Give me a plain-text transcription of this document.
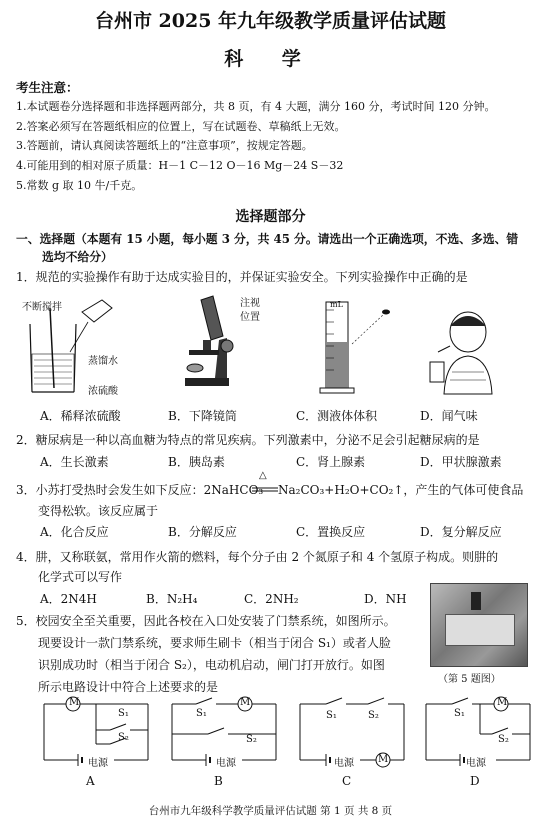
台州市 2025 年九年级教学质量评估试题
科 学
考生注意：
1.本试题卷分选择题和非选择题两部分，共 8 页，有 4 大题，满分 160 分，考试时间 120 分钟。
2.答案必须写在答题纸相应的位置上，写在试题卷、草稿纸上无效。
3.答题前，请认真阅读答题纸上的“注意事项”，按规定答题。
4.可能用到的相对原子质量：H－1 C－12 O－16 Mg－24 S－32
5.常数 g 取 10 牛/千克。
选择题部分
一、选择题（本题有 15 小题，每小题 3 分，共 45 分。请选出一个正确选项，不选、多选、错
选均不给分）
1．规范的实验操作有助于达成实验目的，并保证实验安全。下列实验操作中正确的是
不断搅拌
蒸馏水
浓硫酸
注视
位置
mL
A．稀释浓硫酸	B．下降镜筒	C．测液体体积	D．闻气味
2．糖尿病是一种以高血糖为特点的常见疾病。下列激素中，分泌不足会引起糖尿病的是
A．生长激素	B．胰岛素	C．肾上腺素	D．甲状腺激素
3．小苏打受热时会发生如下反应：2NaHCO₃
△
Na₂CO₃+H₂O+CO₂↑，产生的气体可使食品
变得松软。该反应属于
A．化合反应	B．分解反应	C．置换反应	D．复分解反应
4．肼，又称联氨，常用作火箭的燃料，每个分子由 2 个氮原子和 4 个氢原子构成。则肼的
化学式可以写作
A．2N4H	B．N₂H₄	C．2NH₂	D．NH
5．校园安全至关重要，因此各校在入口处安装了门禁系统，如图所示。
现要设计一款门禁系统，要求师生刷卡（相当于闭合 S₁）或者人脸
识别成功时（相当于闭合 S₂），电动机启动，闸门打开放行。如图
所示电路设计中符合上述要求的是
（第 5 题图）
M
S₁
S₂
电源
A
S₁
M
S₂
电源
B
S₁	S₂
电源 M
C
S₁
M
S₂
电源
D
台州市九年级科学教学质量评估试题 第 1 页 共 8 页
